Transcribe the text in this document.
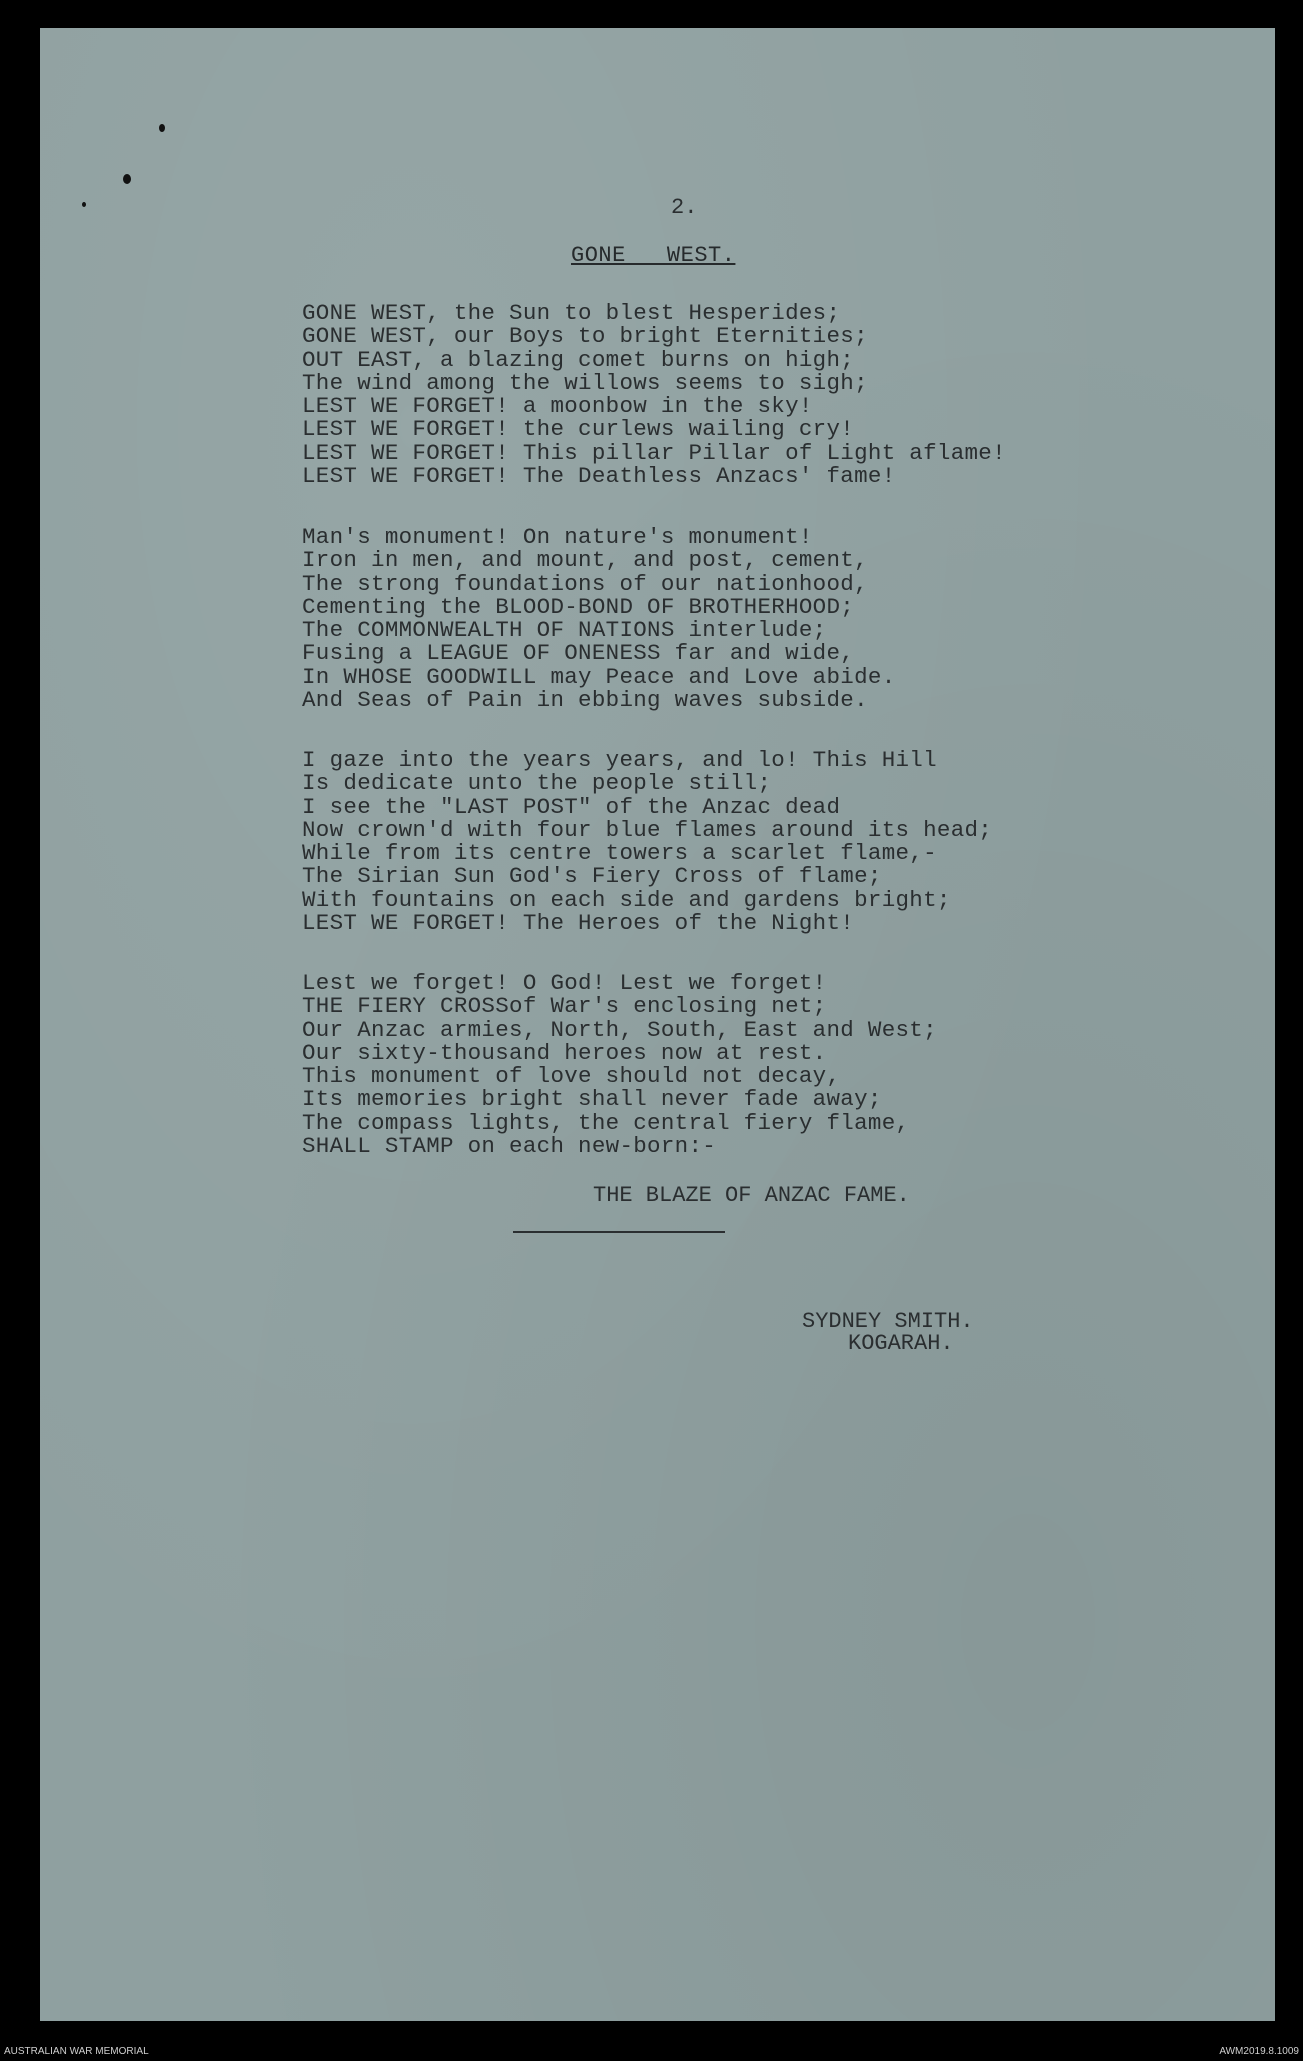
2.
GONE   WEST.
GONE WEST, the Sun to blest Hesperides;
GONE WEST, our Boys to bright Eternities;
OUT EAST, a blazing comet burns on high;
The wind among the willows seems to sigh;
LEST WE FORGET! a moonbow in the sky!
LEST WE FORGET! the curlews wailing cry!
LEST WE FORGET! This pillar Pillar of Light aflame!
LEST WE FORGET! The Deathless Anzacs' fame!
Man's monument! On nature's monument!
Iron in men, and mount, and post, cement,
The strong foundations of our nationhood,
Cementing the BLOOD-BOND OF BROTHERHOOD;
The COMMONWEALTH OF NATIONS interlude;
Fusing a LEAGUE OF ONENESS far and wide,
In WHOSE GOODWILL may Peace and Love abide.
And Seas of Pain in ebbing waves subside.
I gaze into the years years, and lo! This Hill
Is dedicate unto the people still;
I see the "LAST POST" of the Anzac dead
Now crown'd with four blue flames around its head;
While from its centre towers a scarlet flame,-
The Sirian Sun God's Fiery Cross of flame;
With fountains on each side and gardens bright;
LEST WE FORGET! The Heroes of the Night!
Lest we forget! O God! Lest we forget!
THE FIERY CROSSof War's enclosing net;
Our Anzac armies, North, South, East and West;
Our sixty-thousand heroes now at rest.
This monument of love should not decay,
Its memories bright shall never fade away;
The compass lights, the central fiery flame,
SHALL STAMP on each new-born:-
THE BLAZE OF ANZAC FAME.
SYDNEY SMITH.
KOGARAH.
AUSTRALIAN WAR MEMORIAL	AWM2019.8.1009
